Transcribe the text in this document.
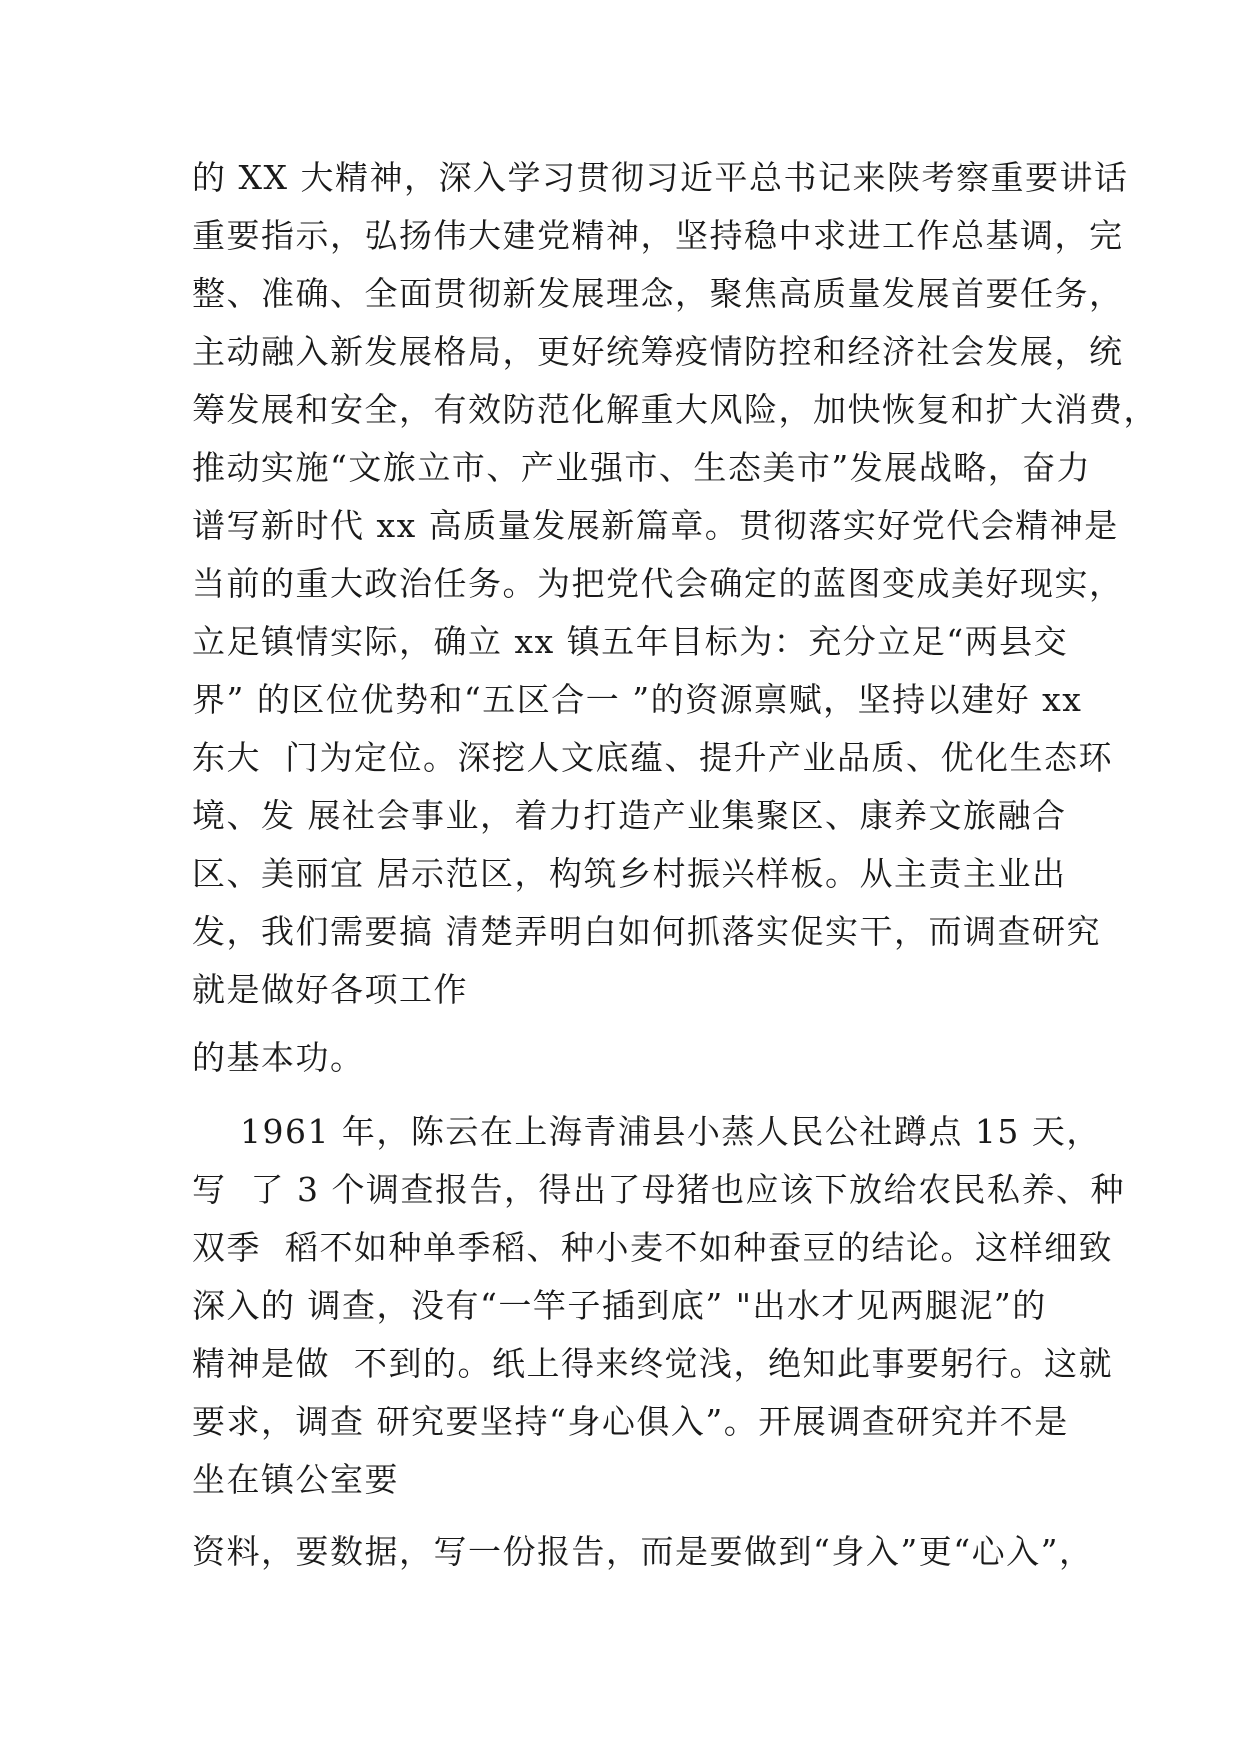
的 XX 大精神，深入学习贯彻习近平总书记来陕考察重要讲话
重要指示，弘扬伟大建党精神，坚持稳中求进工作总基调，完
整、准确、全面贯彻新发展理念，聚焦高质量发展首要任务，
主动融入新发展格局，更好统筹疫情防控和经济社会发展，统
筹发展和安全，有效防范化解重大风险，加快恢复和扩大消费，
推动实施“文旅立市、产业强市、生态美市”发展战略，奋力
谱写新时代 xx 高质量发展新篇章。贯彻落实好党代会精神是
当前的重大政治任务。为把党代会确定的蓝图变成美好现实，
立足镇情实际，确立 xx 镇五年目标为：充分立足“两县交
界” 的区位优势和“五区合一 ”的资源禀赋，坚持以建好 xx
东大  门为定位。深挖人文底蕴、提升产业品质、优化生态环
境、发 展社会事业，着力打造产业集聚区、康养文旅融合
区、美丽宜 居示范区，构筑乡村振兴样板。从主责主业出
发，我们需要搞 清楚弄明白如何抓落实促实干，而调查研究
就是做好各项工作
的基本功。
1961 年，陈云在上海青浦县小蒸人民公社蹲点 15 天，
写  了 3 个调查报告，得出了母猪也应该下放给农民私养、种
双季  稻不如种单季稻、种小麦不如种蚕豆的结论。这样细致
深入的 调查，没有“一竿子插到底” "出水才见两腿泥”的
精神是做  不到的。纸上得来终觉浅，绝知此事要躬行。这就
要求，调查 研究要坚持“身心俱入”。开展调查研究并不是
坐在镇公室要
资料，要数据，写一份报告，而是要做到“身入”更“心入”，
